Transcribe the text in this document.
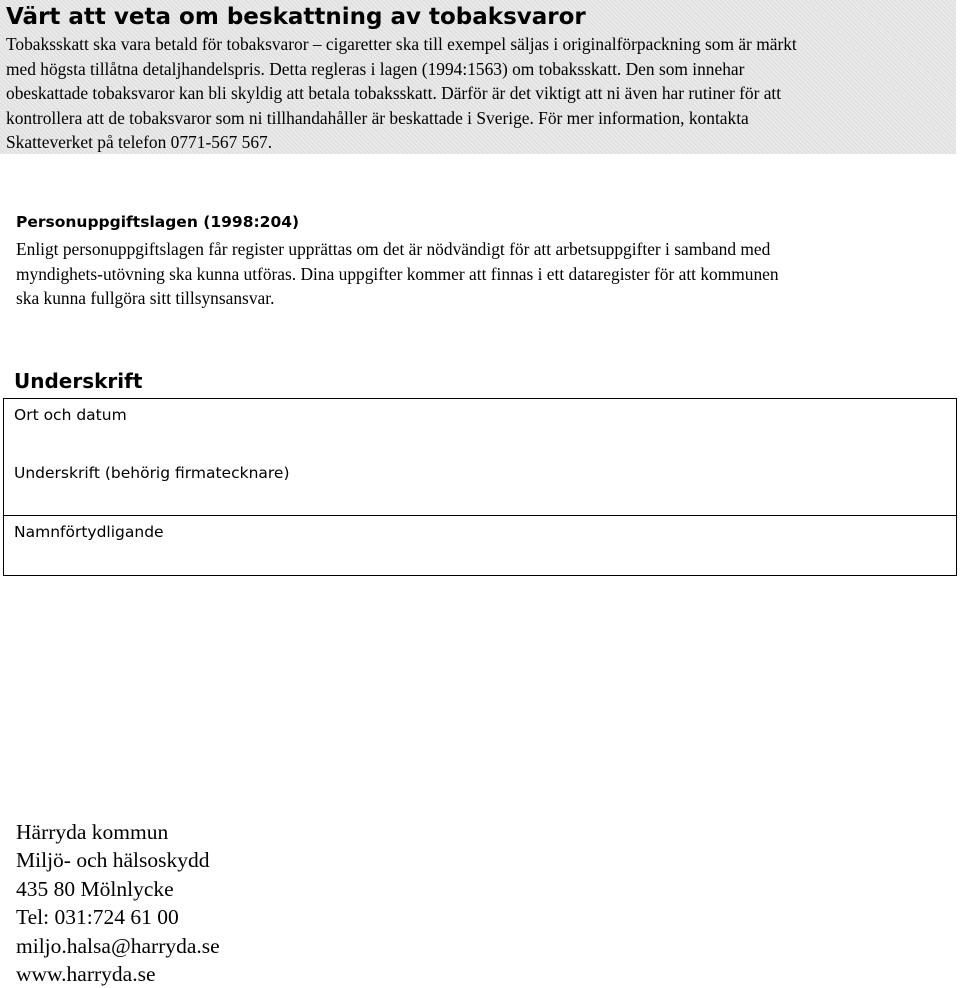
Värt att veta om beskattning av tobaksvaror
Tobaksskatt ska vara betald för tobaksvaror – cigaretter ska till exempel säljas i originalförpackning som är märkt
med högsta tillåtna detaljhandelspris. Detta regleras i lagen (1994:1563) om tobaksskatt. Den som innehar
obeskattade tobaksvaror kan bli skyldig att betala tobaksskatt. Därför är det viktigt att ni även har rutiner för att
kontrollera att de tobaksvaror som ni tillhandahåller är beskattade i Sverige. För mer information, kontakta
Skatteverket på telefon 0771-567 567.
Personuppgiftslagen (1998:204)
Enligt personuppgiftslagen får register upprättas om det är nödvändigt för att arbetsuppgifter i samband med
myndighets-utövning ska kunna utföras. Dina uppgifter kommer att finnas i ett dataregister för att kommunen
ska kunna fullgöra sitt tillsynsansvar.
Underskrift
Ort och datum
Underskrift (behörig firmatecknare)
Namnförtydligande
Härryda kommun
Miljö- och hälsoskydd
435 80 Mölnlycke
Tel: 031:724 61 00
miljo.halsa@harryda.se
www.harryda.se
